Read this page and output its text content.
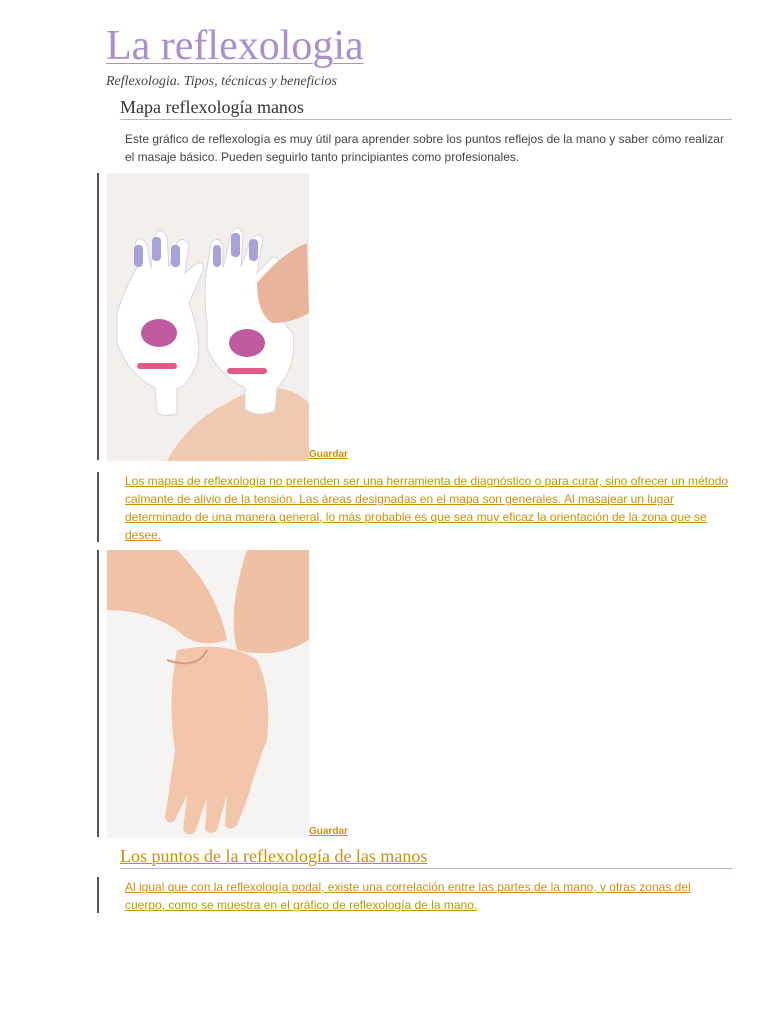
La reflexologia

Reflexologia. Tipos, técnicas y beneficios

Mapa reflexología manos

Este gráfico de reflexología es muy útil para aprender sobre los puntos reflejos de la mano y saber cómo realizar el masaje básico. Pueden seguirlo tanto principiantes como profesionales.

Guardar

Los mapas de reflexología no pretenden ser una herramienta de diagnóstico o para curar, sino ofrecer un método calmante de alivio de la tensión. Las áreas designadas en el mapa son generales. Al masajear un lugar determinado de una manera general, lo más probable es que sea muy eficaz la orientación de la zona que se desee.

Guardar
Los puntos de la reflexología de las manos

Al igual que con la reflexología podal, existe una correlación entre las partes de la mano, y otras zonas del cuerpo, como se muestra en el gráfico de reflexología de la mano.
